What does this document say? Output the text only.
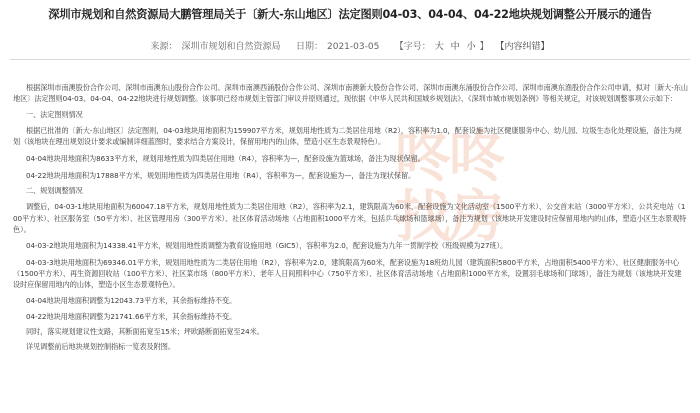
深圳市规划和自然资源局大鹏管理局关于〔新大-东山地区〕法定图则04-03、04-04、04-22地块规划调整公开展示的通告
来源： 深圳市规划和自然资源局 日期： 2021-03-05 【字号： 大 中 小 】 【内容纠错】
咚
咚
找
房

根据深圳市南澳股份合作公司、深圳市南澳东山股份合作公司、深圳市南澳西涌股份合作公司、深圳市南澳新大股份合作公司、深圳市南澳东涌股份合作公司、深圳市南澳东渔股份合作公司申请，拟对〔新大-东山地区〕法定图则04-03、04-04、04-22地块进行规划调整。该事项已经市规划主管部门审议并原则通过，现依据《中华人民共和国城乡规划法》、《深圳市城市规划条例》等相关规定，对该规划调整事项公示如下：

一、法定图则情况

根据已批准的〔新大-东山地区〕法定图则，04-03地块用地面积为159907平方米，规划用地性质为二类居住用地（R2），容积率为1.0，配套设施为社区健康服务中心、幼儿园、垃圾生态化处理设施，备注为规划（该地块在理出规划设计要求或编制详细蓝图时，要求结合方案设计，保留用地内的山体，塑造小区生态景观特色）。

04-04地块用地面积为8633平方米，规划用地性质为四类居住用地（R4），容积率为—，配套设施为篮球场，备注为现状保留。

04-22地块用地面积为17888平方米，规划用地性质为四类居住用地（R4），容积率为—，配套设施为—，备注为现状保留。

二、规划调整情况

调整后，04-03-1地块用地面积为60047.18平方米，规划用地性质为二类居住用地（R2），容积率为2.1，建筑限高为60米，配套设施为文化活动室（1500平方米）、公交首末站（3000平方米）、公共充电站（100平方米）、社区服务室（50平方米）、社区管理用房（300平方米）、社区体育活动场地（占地面积1000平方米，包括乒乓球场和篮球场），备注为规划（该地块开发建设时应保留用地内的山体，塑造小区生态景观特色）。

04-03-2地块用地面积为14338.41平方米，规划用地性质调整为教育设施用地（GIC5），容积率为2.0，配套设施为九年一贯制学校（班级规模为27班）。

04-03-3地块用地面积为69346.01平方米，规划用地性质为二类居住用地（R2），容积率为2.0，建筑限高为60米，配套设施为18班幼儿园（建筑面积5800平方米，占地面积5400平方米）、社区健康服务中心（1500平方米）、再生资源回收站（100平方米）、社区菜市场（800平方米）、老年人日间照料中心（750平方米）、社区体育活动场地（占地面积1000平方米，设置羽毛球场和门球场），备注为规划（该地块开发建设时应保留用地内的山体，塑造小区生态景观特色）。

04-04地块用地面积调整为12043.73平方米，其余指标维持不变。

04-22地块用地面积调整为21741.66平方米，其余指标维持不变。

同时，落实规划建议性支路，其断面拓宽至15米；坪欧路断面拓宽至24米。

详见调整前后地块规划控制指标一览表及附图。
